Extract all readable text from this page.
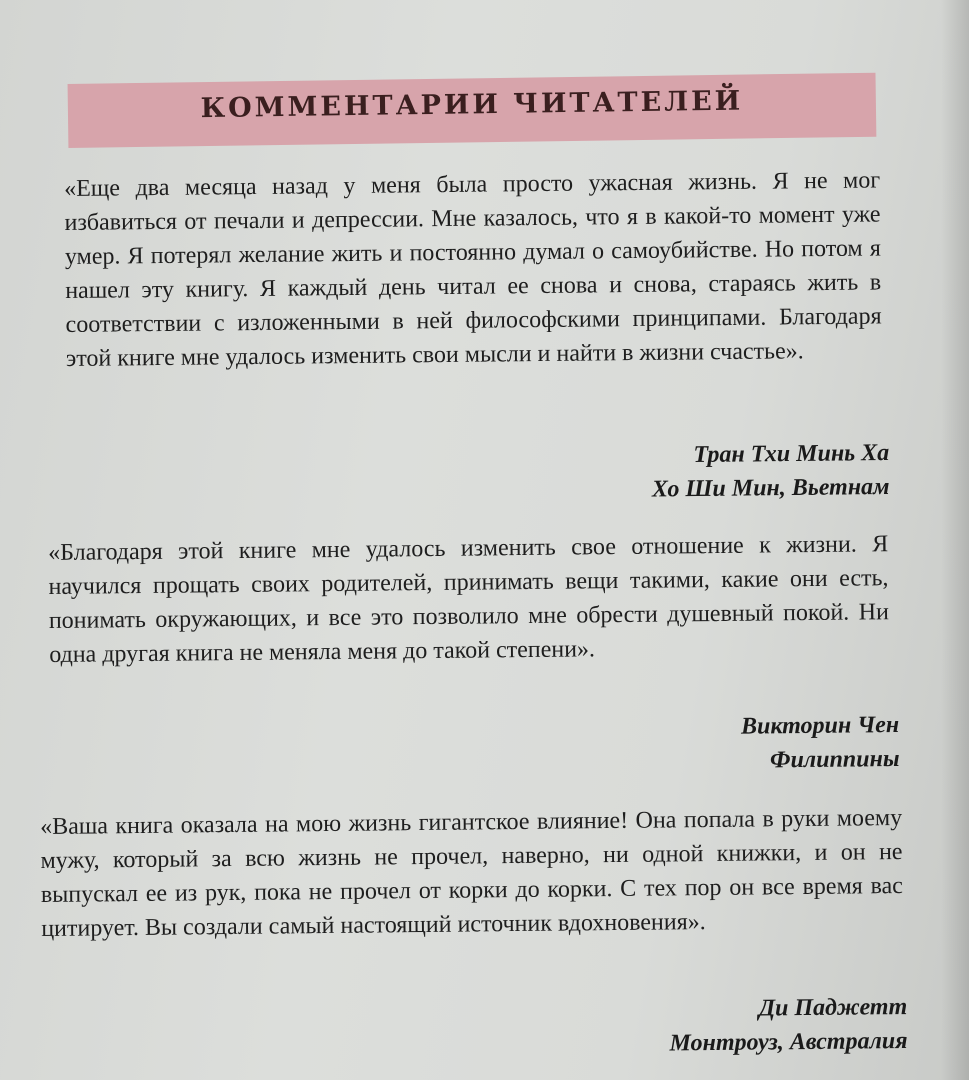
КОММЕНТАРИИ ЧИТАТЕЛЕЙ

«Еще два месяца назад у меня была просто ужасная жизнь. Я не мог избавиться от печали и депрессии. Мне казалось, что я в какой-то момент уже умер. Я потерял желание жить и постоянно думал о самоубийстве. Но потом я нашел эту книгу. Я каждый день читал ее снова и снова, стараясь жить в соответствии с изложенными в ней философскими принципами. Благодаря этой книге мне удалось изменить свои мысли и найти в жизни счастье».

Тран Тхи Минь Ха
Хо Ши Мин, Вьетнам

«Благодаря этой книге мне удалось изменить свое отношение к жизни. Я научился прощать своих родителей, принимать вещи такими, какие они есть, понимать окружающих, и все это позволило мне обрести душевный покой. Ни одна другая книга не меняла меня до такой степени».

Викторин Чен
Филиппины

«Ваша книга оказала на мою жизнь гигантское влияние! Она попала в руки моему мужу, который за всю жизнь не прочел, наверно, ни одной книжки, и он не выпускал ее из рук, пока не прочел от корки до корки. С тех пор он все время вас цитирует. Вы создали самый настоящий источник вдохновения».

Ди Паджетт
Монтроуз, Австралия
